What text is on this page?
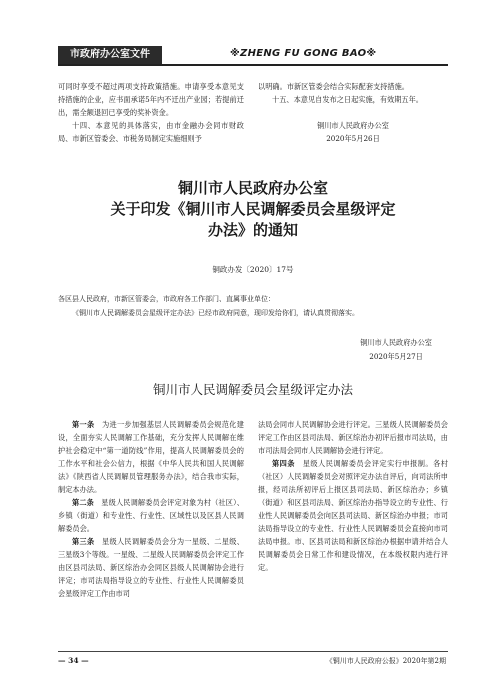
市政府办公室文件	※ZHENG FU GONG BAO※

可同时享受不超过两项支持政策措施。申请享受本意见支持措施的企业，应书面承诺5年内不迁出产业园；若提前迁出，需全额退回已享受的奖补资金。

十四、本意见的具体落实，由市金融办会同市财政局、市新区管委会、市税务局制定实施细则予

以明确。市新区管委会结合实际配套支持措施。

十五、本意见自发布之日起实施，有效期五年。

铜川市人民政府办公室

2020年5月26日

铜川市人民政府办公室
关于印发《铜川市人民调解委员会星级评定
办法》的通知
铜政办发〔2020〕17号

各区县人民政府，市新区管委会，市政府各工作部门、直属事业单位：

《铜川市人民调解委员会星级评定办法》已经市政府同意，现印发给你们，请认真贯彻落实。

铜川市人民政府办公室
2020年5月27日
铜川市人民调解委员会星级评定办法

第一条　 为进一步加强基层人民调解委员会规范化建设，全面夯实人民调解工作基础，充分发挥人民调解在维护社会稳定中“第一道防线”作用，提高人民调解委员会的工作水平和社会公信力，根据《中华人民共和国人民调解法》《陕西省人民调解员管理服务办法》，结合我市实际，制定本办法。

第二条　 星级人民调解委员会评定对象为村（社区）、乡镇（街道）和专业性、行业性、区域性以及区县人民调解委员会。

第三条　 星级人民调解委员会分为一星级、二星级、三星级3个等级。一星级、二星级人民调解委员会评定工作由区县司法局、新区综治办会同区县级人民调解协会进行评定；市司法局指导设立的专业性、行业性人民调解委员会星级评定工作由市司

法局会同市人民调解协会进行评定。三星级人民调解委员会评定工作由区县司法局、新区综治办初评后报市司法局，由市司法局会同市人民调解协会进行评定。

第四条　 星级人民调解委员会评定实行申报制。各村（社区）人民调解委员会对照评定办法自评后，向司法所申报，经司法所初评后上报区县司法局、新区综治办；乡镇（街道）和区县司法局、新区综治办指导设立的专业性、行业性人民调解委员会向区县司法局、新区综治办申报；市司法局指导设立的专业性、行业性人民调解委员会直接向市司法局申报。市、区县司法局和新区综治办根据申请并结合人民调解委员会日常工作和建设情况，在本级权限内进行评定。

— 34 —	《铜川市人民政府公报》2020年第2期
